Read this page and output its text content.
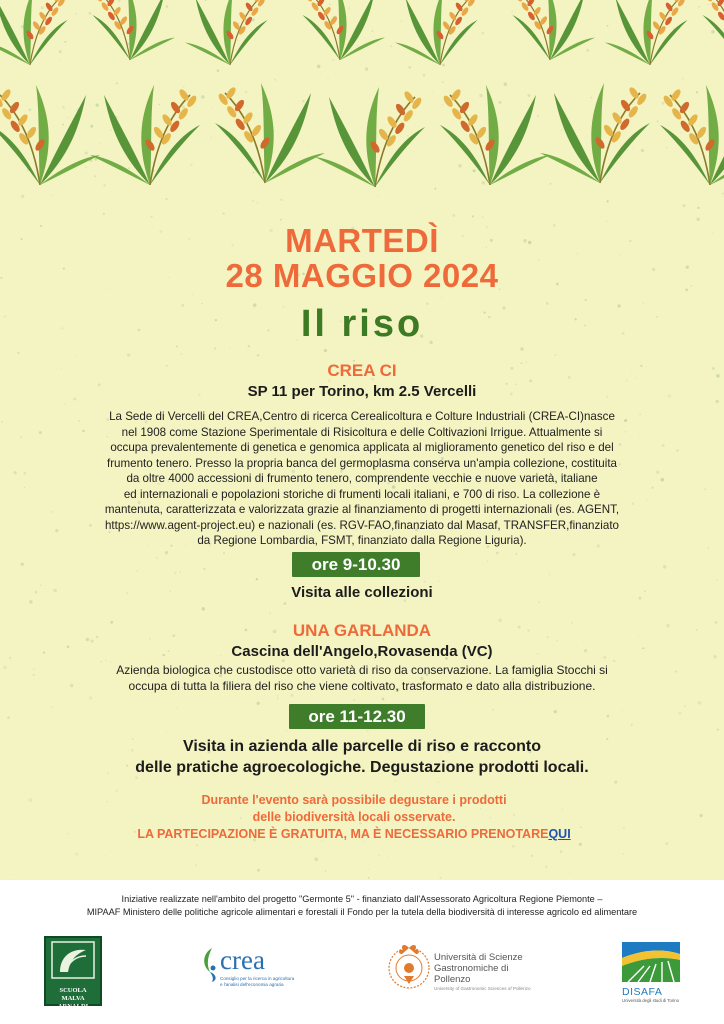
MARTEDÌ
28 MAGGIO 2024
Il riso
CREA CI
SP 11 per Torino, km 2.5 Vercelli
La Sede di Vercelli del CREA,Centro di ricerca Cerealicoltura e Colture Industriali (CREA-CI)nasce
nel 1908 come Stazione Sperimentale di Risicoltura e delle Coltivazioni Irrigue. Attualmente si
occupa prevalentemente di genetica e genomica applicata al miglioramento genetico del riso e del
frumento tenero. Presso la propria banca del germoplasma conserva un'ampia collezione, costituita
da oltre 4000 accessioni di frumento tenero, comprendente vecchie e nuove varietà, italiane
ed internazionali e popolazioni storiche di frumenti locali italiani, e 700 di riso. La collezione è
mantenuta, caratterizzata e valorizzata grazie al finanziamento di progetti internazionali (es. AGENT,
https://www.agent-project.eu) e nazionali (es. RGV-FAO,finanziato dal Masaf, TRANSFER,finanziato
da Regione Lombardia, FSMT, finanziato dalla Regione Liguria).
ore 9-10.30
Visita alle collezioni
UNA GARLANDA
Cascina dell'Angelo,Rovasenda (VC)
Azienda biologica che custodisce otto varietà di riso da conservazione. La famiglia Stocchi si
occupa di tutta la filiera del riso che viene coltivato, trasformato e dato alla distribuzione.
ore 11-12.30
Visita in azienda alle parcelle di riso e racconto
delle pratiche agroecologiche. Degustazione prodotti locali.
Durante l'evento sarà possibile degustare i prodotti
delle biodiversità locali osservate.
LA PARTECIPAZIONE È GRATUITA, MA È NECESSARIO PRENOTAREQUI
Iniziative realizzate nell'ambito del progetto "Germonte 5" - finanziato dall'Assessorato Agricoltura Regione Piemonte –
MIPAAF Ministero delle politiche agricole alimentari e forestali il Fondo per la tutela della biodiversità di interesse agricolo ed alimentare
SCUOLA
MALVA ARNALDI
crea
Consiglio per la ricerca in agricoltura
e l'analisi dell'economia agraria
Università di Scienze
Gastronomiche di Pollenzo
University of Gastronomic Sciences of Pollenzo	DISAFA
Università degli studi di Torino
